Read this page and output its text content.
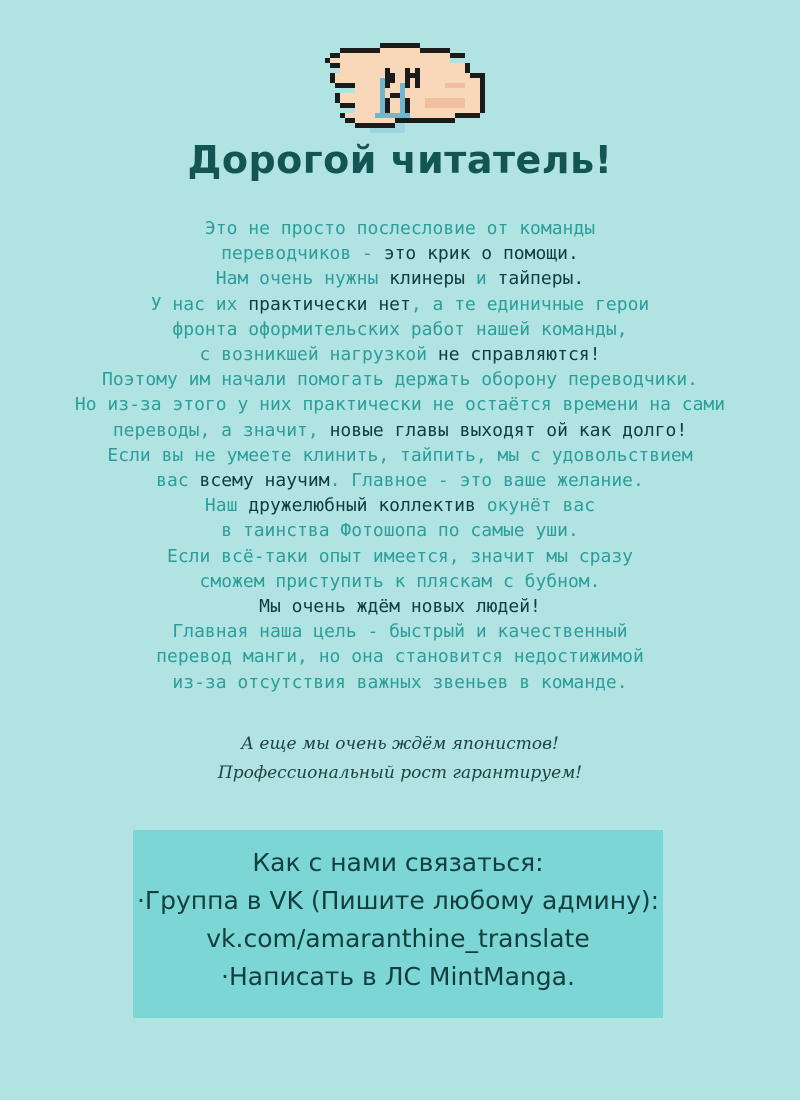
Дорогой читатель!
Это не просто послесловие от команды
переводчиков - это крик о помощи.
Нам очень нужны клинеры и тайперы.
У нас их практически нет, а те единичные герои
фронта оформительских работ нашей команды,
с возникшей нагрузкой не справляются!
Поэтому им начали помогать держать оборону переводчики.
Но из-за этого у них практически не остаётся времени на сами
переводы, а значит, новые главы выходят ой как долго!
Если вы не умеете клинить, тайпить, мы с удовольствием
вас всему научим. Главное - это ваше желание.
Наш дружелюбный коллектив окунёт вас
в таинства Фотошопа по самые уши.
Если всё-таки опыт имеется, значит мы сразу
сможем приступить к пляскам с бубном.
Мы очень ждём новых людей!
Главная наша цель - быстрый и качественный
перевод манги, но она становится недостижимой
из-за отсутствия важных звеньев в команде.
А еще мы очень ждём японистов!
Профессиональный рост гарантируем!
Как с нами связаться:
·Группа в VK (Пишите любому админу):
vk.com/amaranthine_translate
·Написать в ЛС MintManga.
